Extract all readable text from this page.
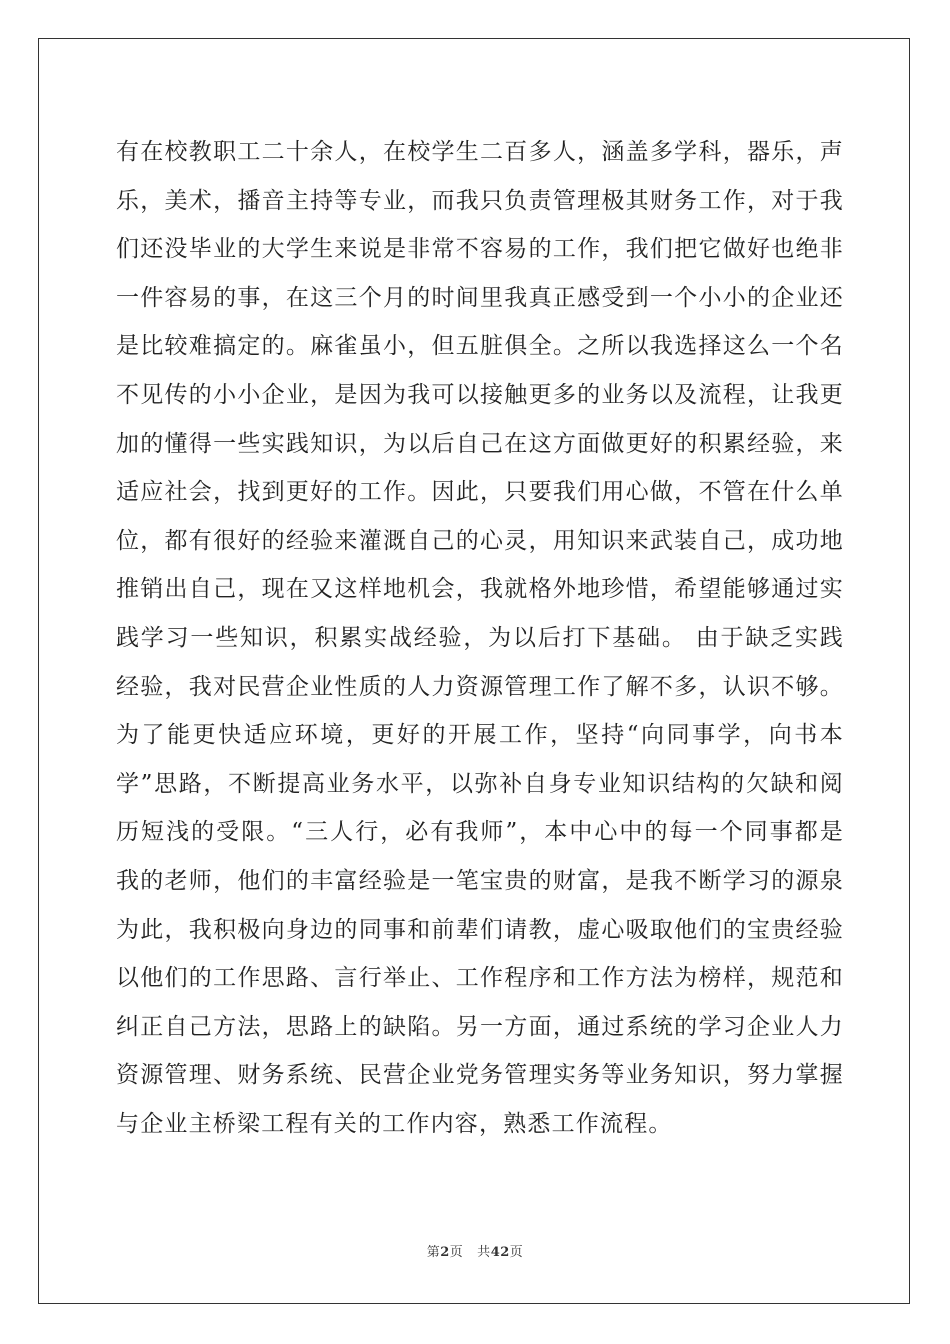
有在校教职工二十余人，在校学生二百多人，涵盖多学科，器乐，声
乐，美术，播音主持等专业，而我只负责管理极其财务工作，对于我
们还没毕业的大学生来说是非常不容易的工作，我们把它做好也绝非
一件容易的事，在这三个月的时间里我真正感受到一个小小的企业还
是比较难搞定的。麻雀虽小，但五脏俱全。之所以我选择这么一个名
不见传的小小企业，是因为我可以接触更多的业务以及流程，让我更
加的懂得一些实践知识，为以后自己在这方面做更好的积累经验，来
适应社会，找到更好的工作。因此，只要我们用心做，不管在什么单
位，都有很好的经验来灌溉自己的心灵，用知识来武装自己，成功地
推销出自己，现在又这样地机会，我就格外地珍惜，希望能够通过实
践学习一些知识，积累实战经验，为以后打下基础。 由于缺乏实践
经验，我对民营企业性质的人力资源管理工作了解不多，认识不够。
为了能更快适应环境，更好的开展工作，坚持“向同事学，向书本
学”思路，不断提高业务水平，以弥补自身专业知识结构的欠缺和阅
历短浅的受限。“三人行，必有我师”，本中心中的每一个同事都是
我的老师，他们的丰富经验是一笔宝贵的财富，是我不断学习的源泉
为此，我积极向身边的同事和前辈们请教，虚心吸取他们的宝贵经验
以他们的工作思路、言行举止、工作程序和工作方法为榜样，规范和
纠正自己方法，思路上的缺陷。另一方面，通过系统的学习企业人力
资源管理、财务系统、民营企业党务管理实务等业务知识，努力掌握
与企业主桥梁工程有关的工作内容，熟悉工作流程。
第2页 共42页
